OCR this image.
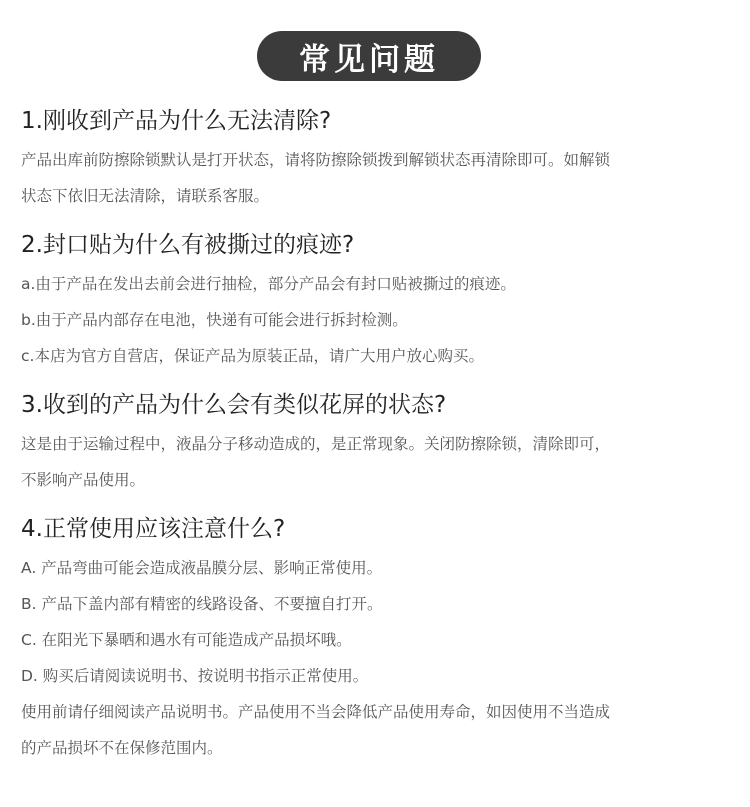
常见问题
1.刚收到产品为什么无法清除?

产品出库前防擦除锁默认是打开状态，请将防擦除锁拨到解锁状态再清除即可。如解锁

状态下依旧无法清除，请联系客服。

2.封口贴为什么有被撕过的痕迹?

a.由于产品在发出去前会进行抽检，部分产品会有封口贴被撕过的痕迹。

b.由于产品内部存在电池，快递有可能会进行拆封检测。

c.本店为官方自营店，保证产品为原装正品，请广大用户放心购买。

3.收到的产品为什么会有类似花屏的状态?

这是由于运输过程中，液晶分子移动造成的，是正常现象。关闭防擦除锁，清除即可，

不影响产品使用。

4.正常使用应该注意什么?

A. 产品弯曲可能会造成液晶膜分层、影响正常使用。

B. 产品下盖内部有精密的线路设备、不要擅自打开。

C. 在阳光下暴晒和遇水有可能造成产品损坏哦。

D. 购买后请阅读说明书、按说明书指示正常使用。

使用前请仔细阅读产品说明书。产品使用不当会降低产品使用寿命，如因使用不当造成

的产品损坏不在保修范围内。
